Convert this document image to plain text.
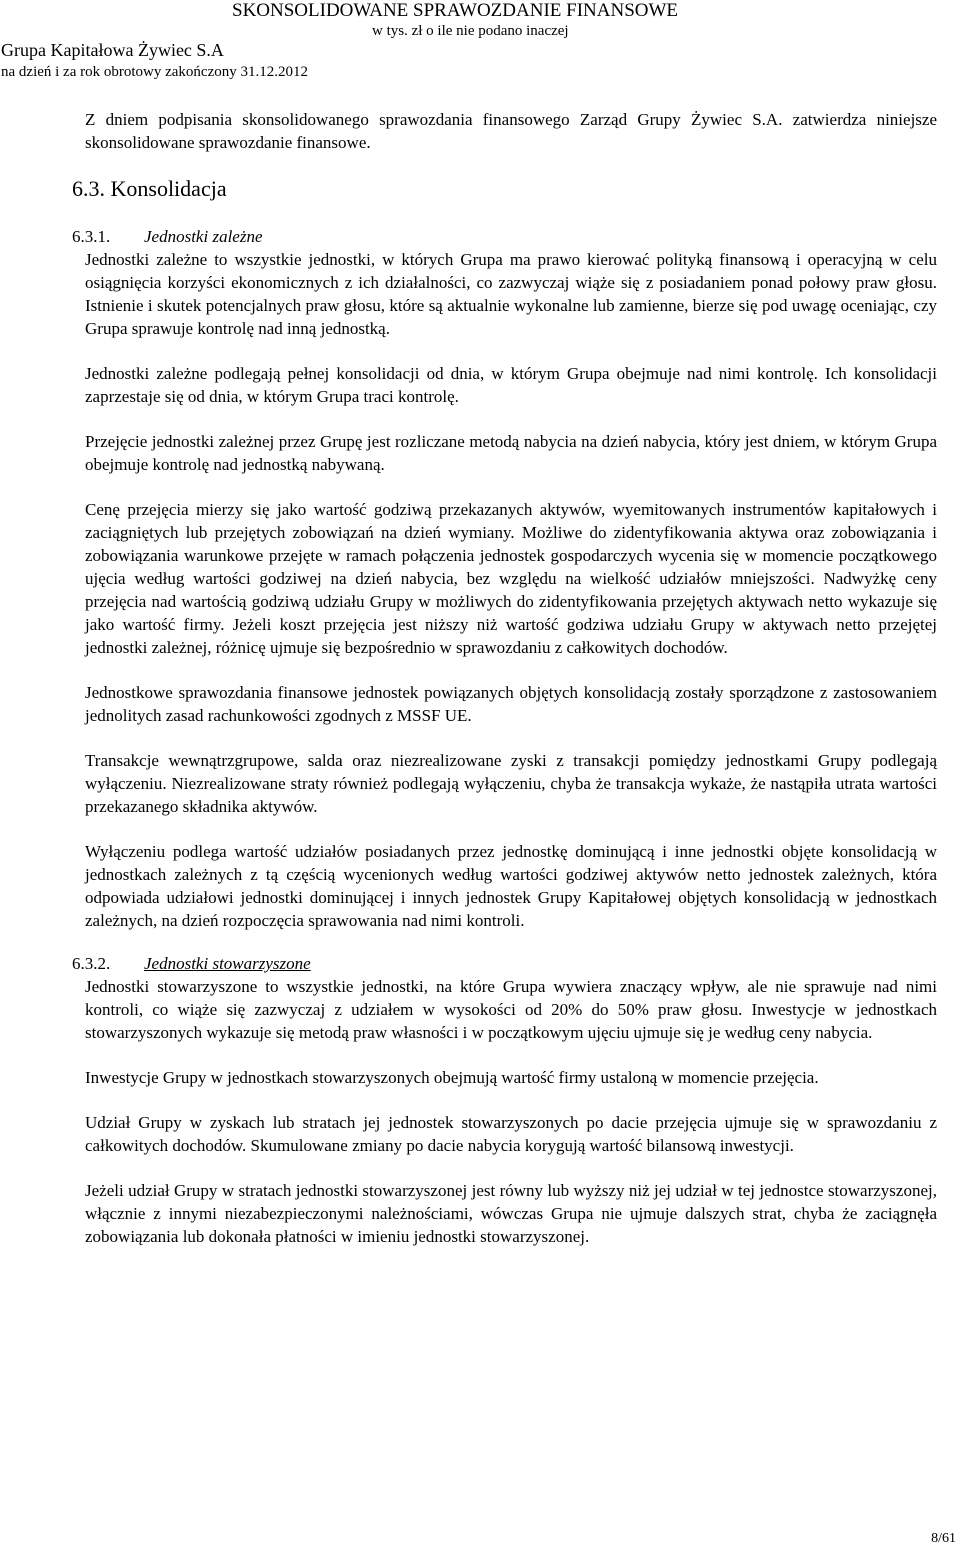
SKONSOLIDOWANE SPRAWOZDANIE FINANSOWE
w tys. zł o ile nie podano inaczej
Grupa Kapitałowa Żywiec S.A
na dzień i za rok obrotowy zakończony 31.12.2012

Z dniem podpisania skonsolidowanego sprawozdania finansowego Zarząd Grupy Żywiec S.A. zatwierdza niniejsze skonsolidowane sprawozdanie finansowe.

6.3. Konsolidacja
6.3.1.	Jednostki zależne

Jednostki zależne to wszystkie jednostki, w których Grupa ma prawo kierować polityką finansową i operacyjną w celu osiągnięcia korzyści ekonomicznych z ich działalności, co zazwyczaj wiąże się z posiadaniem ponad połowy praw głosu. Istnienie i skutek potencjalnych praw głosu, które są aktualnie wykonalne lub zamienne, bierze się pod uwagę oceniając, czy Grupa sprawuje kontrolę nad inną jednostką.

Jednostki zależne podlegają pełnej konsolidacji od dnia, w którym Grupa obejmuje nad nimi kontrolę. Ich konsolidacji zaprzestaje się od dnia, w którym Grupa traci kontrolę.

Przejęcie jednostki zależnej przez Grupę jest rozliczane metodą nabycia na dzień nabycia, który jest dniem, w którym Grupa obejmuje kontrolę nad jednostką nabywaną.

Cenę przejęcia mierzy się jako wartość godziwą przekazanych aktywów, wyemitowanych instrumentów kapitałowych i zaciągniętych lub przejętych zobowiązań na dzień wymiany. Możliwe do zidentyfikowania aktywa oraz zobowiązania i zobowiązania warunkowe przejęte w ramach połączenia jednostek gospodarczych wycenia się w momencie początkowego ujęcia według wartości godziwej na dzień nabycia, bez względu na wielkość udziałów mniejszości. Nadwyżkę ceny przejęcia nad wartością godziwą udziału Grupy w możliwych do zidentyfikowania przejętych aktywach netto wykazuje się jako wartość firmy. Jeżeli koszt przejęcia jest niższy niż wartość godziwa udziału Grupy w aktywach netto przejętej jednostki zależnej, różnicę ujmuje się bezpośrednio w sprawozdaniu z całkowitych dochodów.

Jednostkowe sprawozdania finansowe jednostek powiązanych objętych konsolidacją zostały sporządzone z zastosowaniem jednolitych zasad rachunkowości zgodnych z MSSF UE.

Transakcje wewnątrzgrupowe, salda oraz niezrealizowane zyski z transakcji pomiędzy jednostkami Grupy podlegają wyłączeniu. Niezrealizowane straty również podlegają wyłączeniu, chyba że transakcja wykaże, że nastąpiła utrata wartości przekazanego składnika aktywów.

Wyłączeniu podlega wartość udziałów posiadanych przez jednostkę dominującą i inne jednostki objęte konsolidacją w jednostkach zależnych z tą częścią wycenionych według wartości godziwej aktywów netto jednostek zależnych, która odpowiada udziałowi jednostki dominującej i innych jednostek Grupy Kapitałowej objętych konsolidacją w jednostkach zależnych, na dzień rozpoczęcia sprawowania nad nimi kontroli.

6.3.2.	Jednostki stowarzyszone

Jednostki stowarzyszone to wszystkie jednostki, na które Grupa wywiera znaczący wpływ, ale nie sprawuje nad nimi kontroli, co wiąże się zazwyczaj z udziałem w wysokości od 20% do 50% praw głosu. Inwestycje w jednostkach stowarzyszonych wykazuje się metodą praw własności i w początkowym ujęciu ujmuje się je według ceny nabycia.

Inwestycje Grupy w jednostkach stowarzyszonych obejmują wartość firmy ustaloną w momencie przejęcia.

Udział Grupy w zyskach lub stratach jej jednostek stowarzyszonych po dacie przejęcia ujmuje się w sprawozdaniu z całkowitych dochodów. Skumulowane zmiany po dacie nabycia korygują wartość bilansową inwestycji.

Jeżeli udział Grupy w stratach jednostki stowarzyszonej jest równy lub wyższy niż jej udział w tej jednostce stowarzyszonej, włącznie z innymi niezabezpieczonymi należnościami, wówczas Grupa nie ujmuje dalszych strat, chyba że zaciągnęła zobowiązania lub dokonała płatności w imieniu jednostki stowarzyszonej.

8/61
